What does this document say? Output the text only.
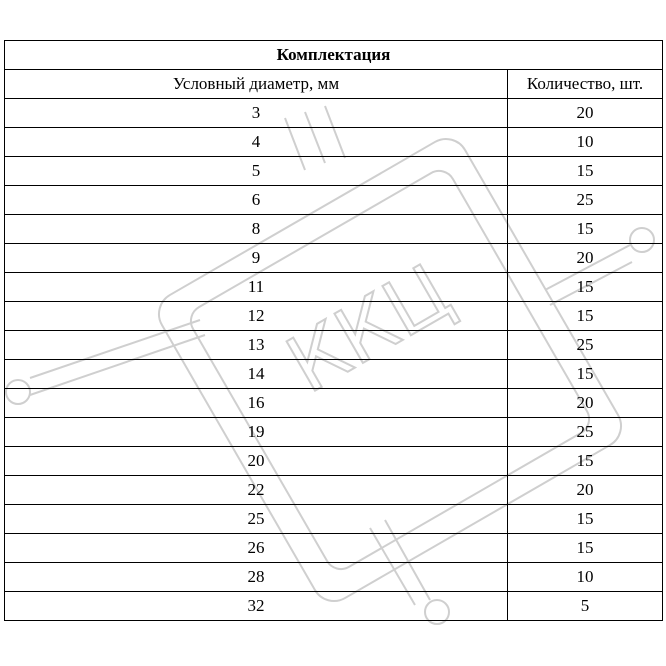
ККЦ
Комплектация	
Условный диаметр, мм	Количество, шт.
3	20
4	10
5	15
6	25
8	15
9	20
11	15
12	15
13	25
14	15
16	20
19	25
20	15
22	20
25	15
26	15
28	10
32	5
